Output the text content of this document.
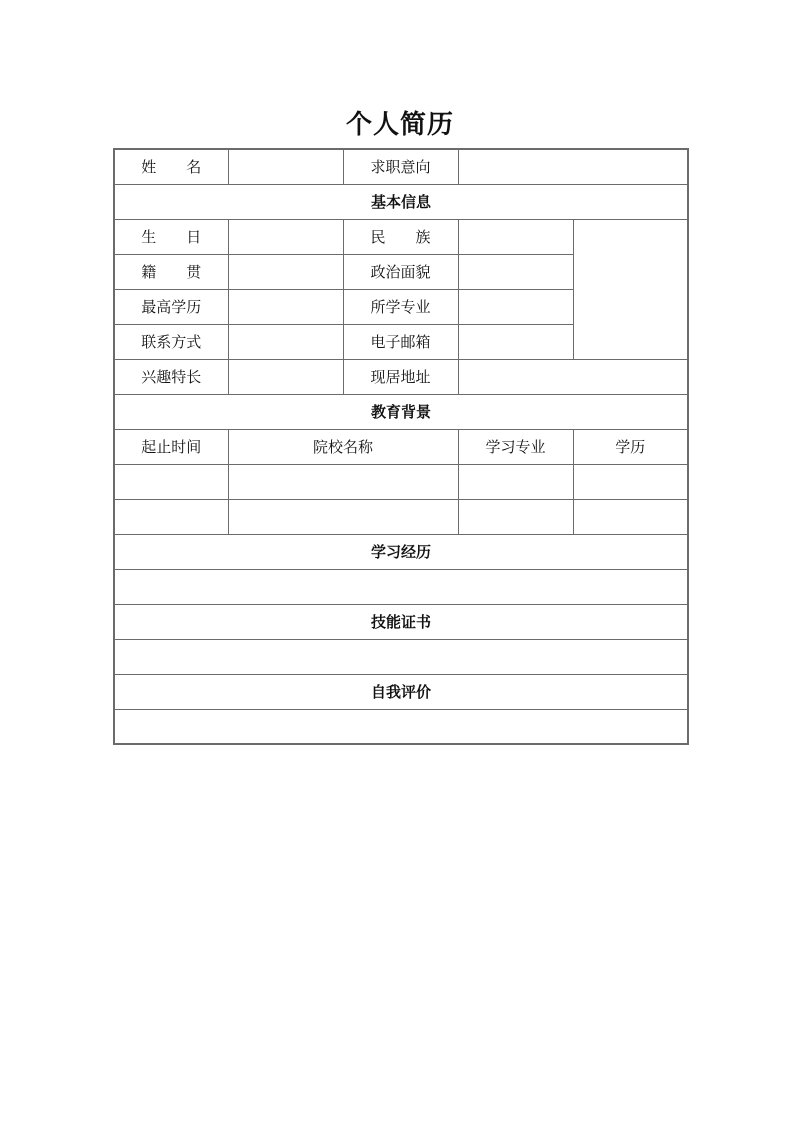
个人简历
姓 名		求职意向		
基本信息				
生 日		民 族		
籍 贯		政治面貌		
最高学历		所学专业		
联系方式		电子邮箱		
兴趣特长		现居地址		
教育背景				
起止时间	院校名称		学习专业	学历

学习经历				

技能证书				

自我评价				
